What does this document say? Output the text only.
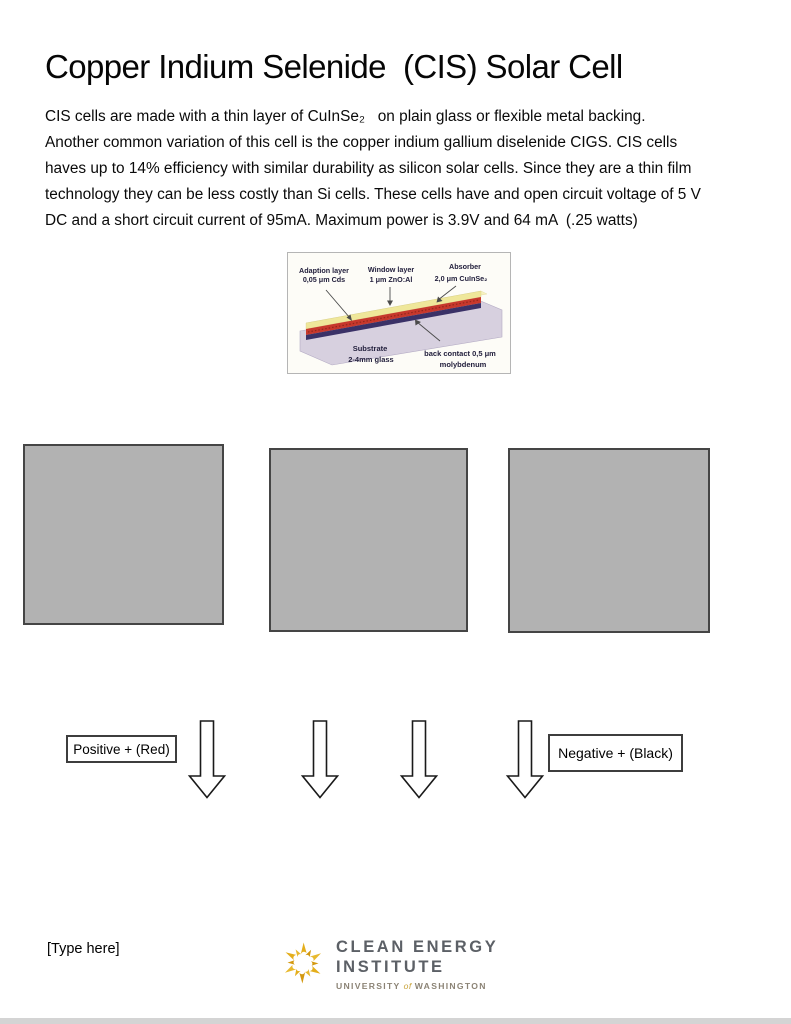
Copper Indium Selenide  (CIS) Solar Cell
CIS cells are made with a thin layer of CuInSe₂   on plain glass or flexible metal backing.
Another common variation of this cell is the copper indium gallium diselenide CIGS. CIS cells
haves up to 14% efficiency with similar durability as silicon solar cells. Since they are a thin film
technology they can be less costly than Si cells. These cells have and open circuit voltage of 5 V
DC and a short circuit current of 95mA. Maximum power is 3.9V and 64 mA  (.25 watts)
Adaption layer
0,05 μm Cds
Window layer
1 μm ZnO:Al
Absorber
2,0 μm CuInSe₂
Substrate
2-4mm glass
back contact 0,5 μm
molybdenum
Positive + (Red)	Negative + (Black)
[Type here]	CLEAN ENERGY
INSTITUTE
UNIVERSITY of WASHINGTON
